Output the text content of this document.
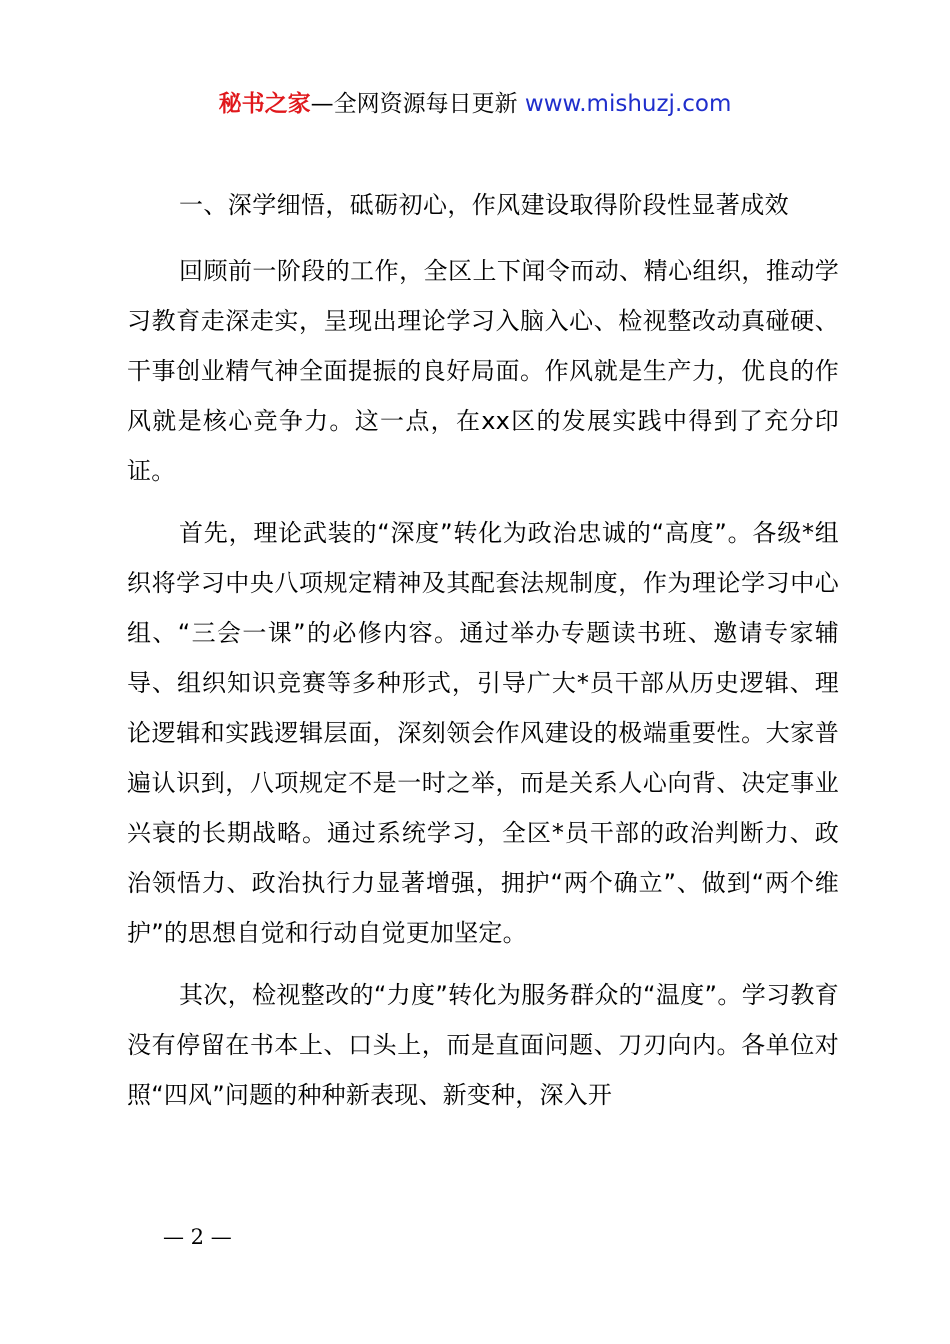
秘书之家—全网资源每日更新 www.mishuzj.com

一、深学细悟，砥砺初心，作风建设取得阶段性显著成效

回顾前一阶段的工作，全区上下闻令而动、精心组织，推动学习教育走深走实，呈现出理论学习入脑入心、检视整改动真碰硬、干事创业精气神全面提振的良好局面。作风就是生产力，优良的作风就是核心竞争力。这一点，在xx区的发展实践中得到了充分印证。

首先，理论武装的“深度”转化为政治忠诚的“高度”。各级*组织将学习中央八项规定精神及其配套法规制度，作为理论学习中心组、“三会一课”的必修内容。通过举办专题读书班、邀请专家辅导、组织知识竞赛等多种形式，引导广大*员干部从历史逻辑、理论逻辑和实践逻辑层面，深刻领会作风建设的极端重要性。大家普遍认识到，八项规定不是一时之举，而是关系人心向背、决定事业兴衰的长期战略。通过系统学习，全区*员干部的政治判断力、政治领悟力、政治执行力显著增强，拥护“两个确立”、做到“两个维护”的思想自觉和行动自觉更加坚定。

其次，检视整改的“力度”转化为服务群众的“温度”。学习教育没有停留在书本上、口头上，而是直面问题、刀刃向内。各单位对照“四风”问题的种种新表现、新变种，深入开

— 2 —
